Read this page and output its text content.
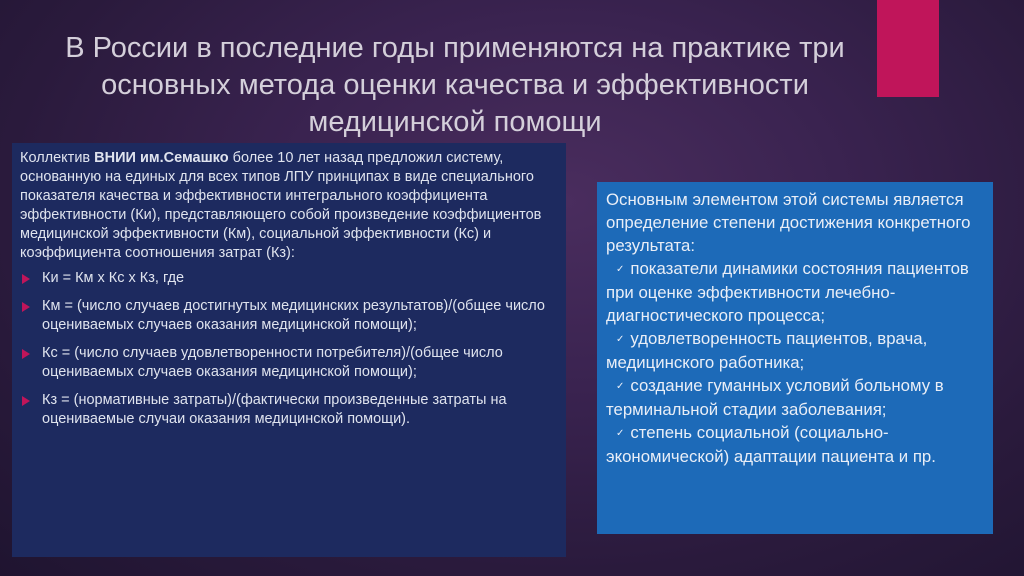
В России в последние годы применяются на практике три основных метода оценки качества и эффективности медицинской помощи

Коллектив ВНИИ им.Семашко более 10 лет назад предложил систему, основанную на единых для всех типов ЛПУ принципах в виде специального показателя качества и эффективности интегрального коэффициента эффективности (Ки), представляющего собой произведение коэффициентов медицинской эффективности (Км), социальной эффективности (Кс) и коэффициента соотношения затрат (Кз):

Ки = Км х Кс х Кз, где
Км = (число случаев достигнутых медицинских результатов)/(общее число оцениваемых случаев оказания медицинской помощи);
Кс = (число случаев удовлетворенности потребителя)/(общее число оцениваемых случаев оказания медицинской помощи);
Кз = (нормативные затраты)/(фактически произведенные затраты на оцениваемые случаи оказания медицинской помощи).
Основным элементом этой системы является определение степени достижения конкретного результата:
✓ показатели динамики состояния пациентов при оценке эффективности лечебно-диагностического процесса;
✓ удовлетворенность пациентов, врача, медицинского работника;
✓ создание гуманных условий больному в терминальной стадии заболевания;
✓ степень социальной (социально-экономической) адаптации пациента и пр.
